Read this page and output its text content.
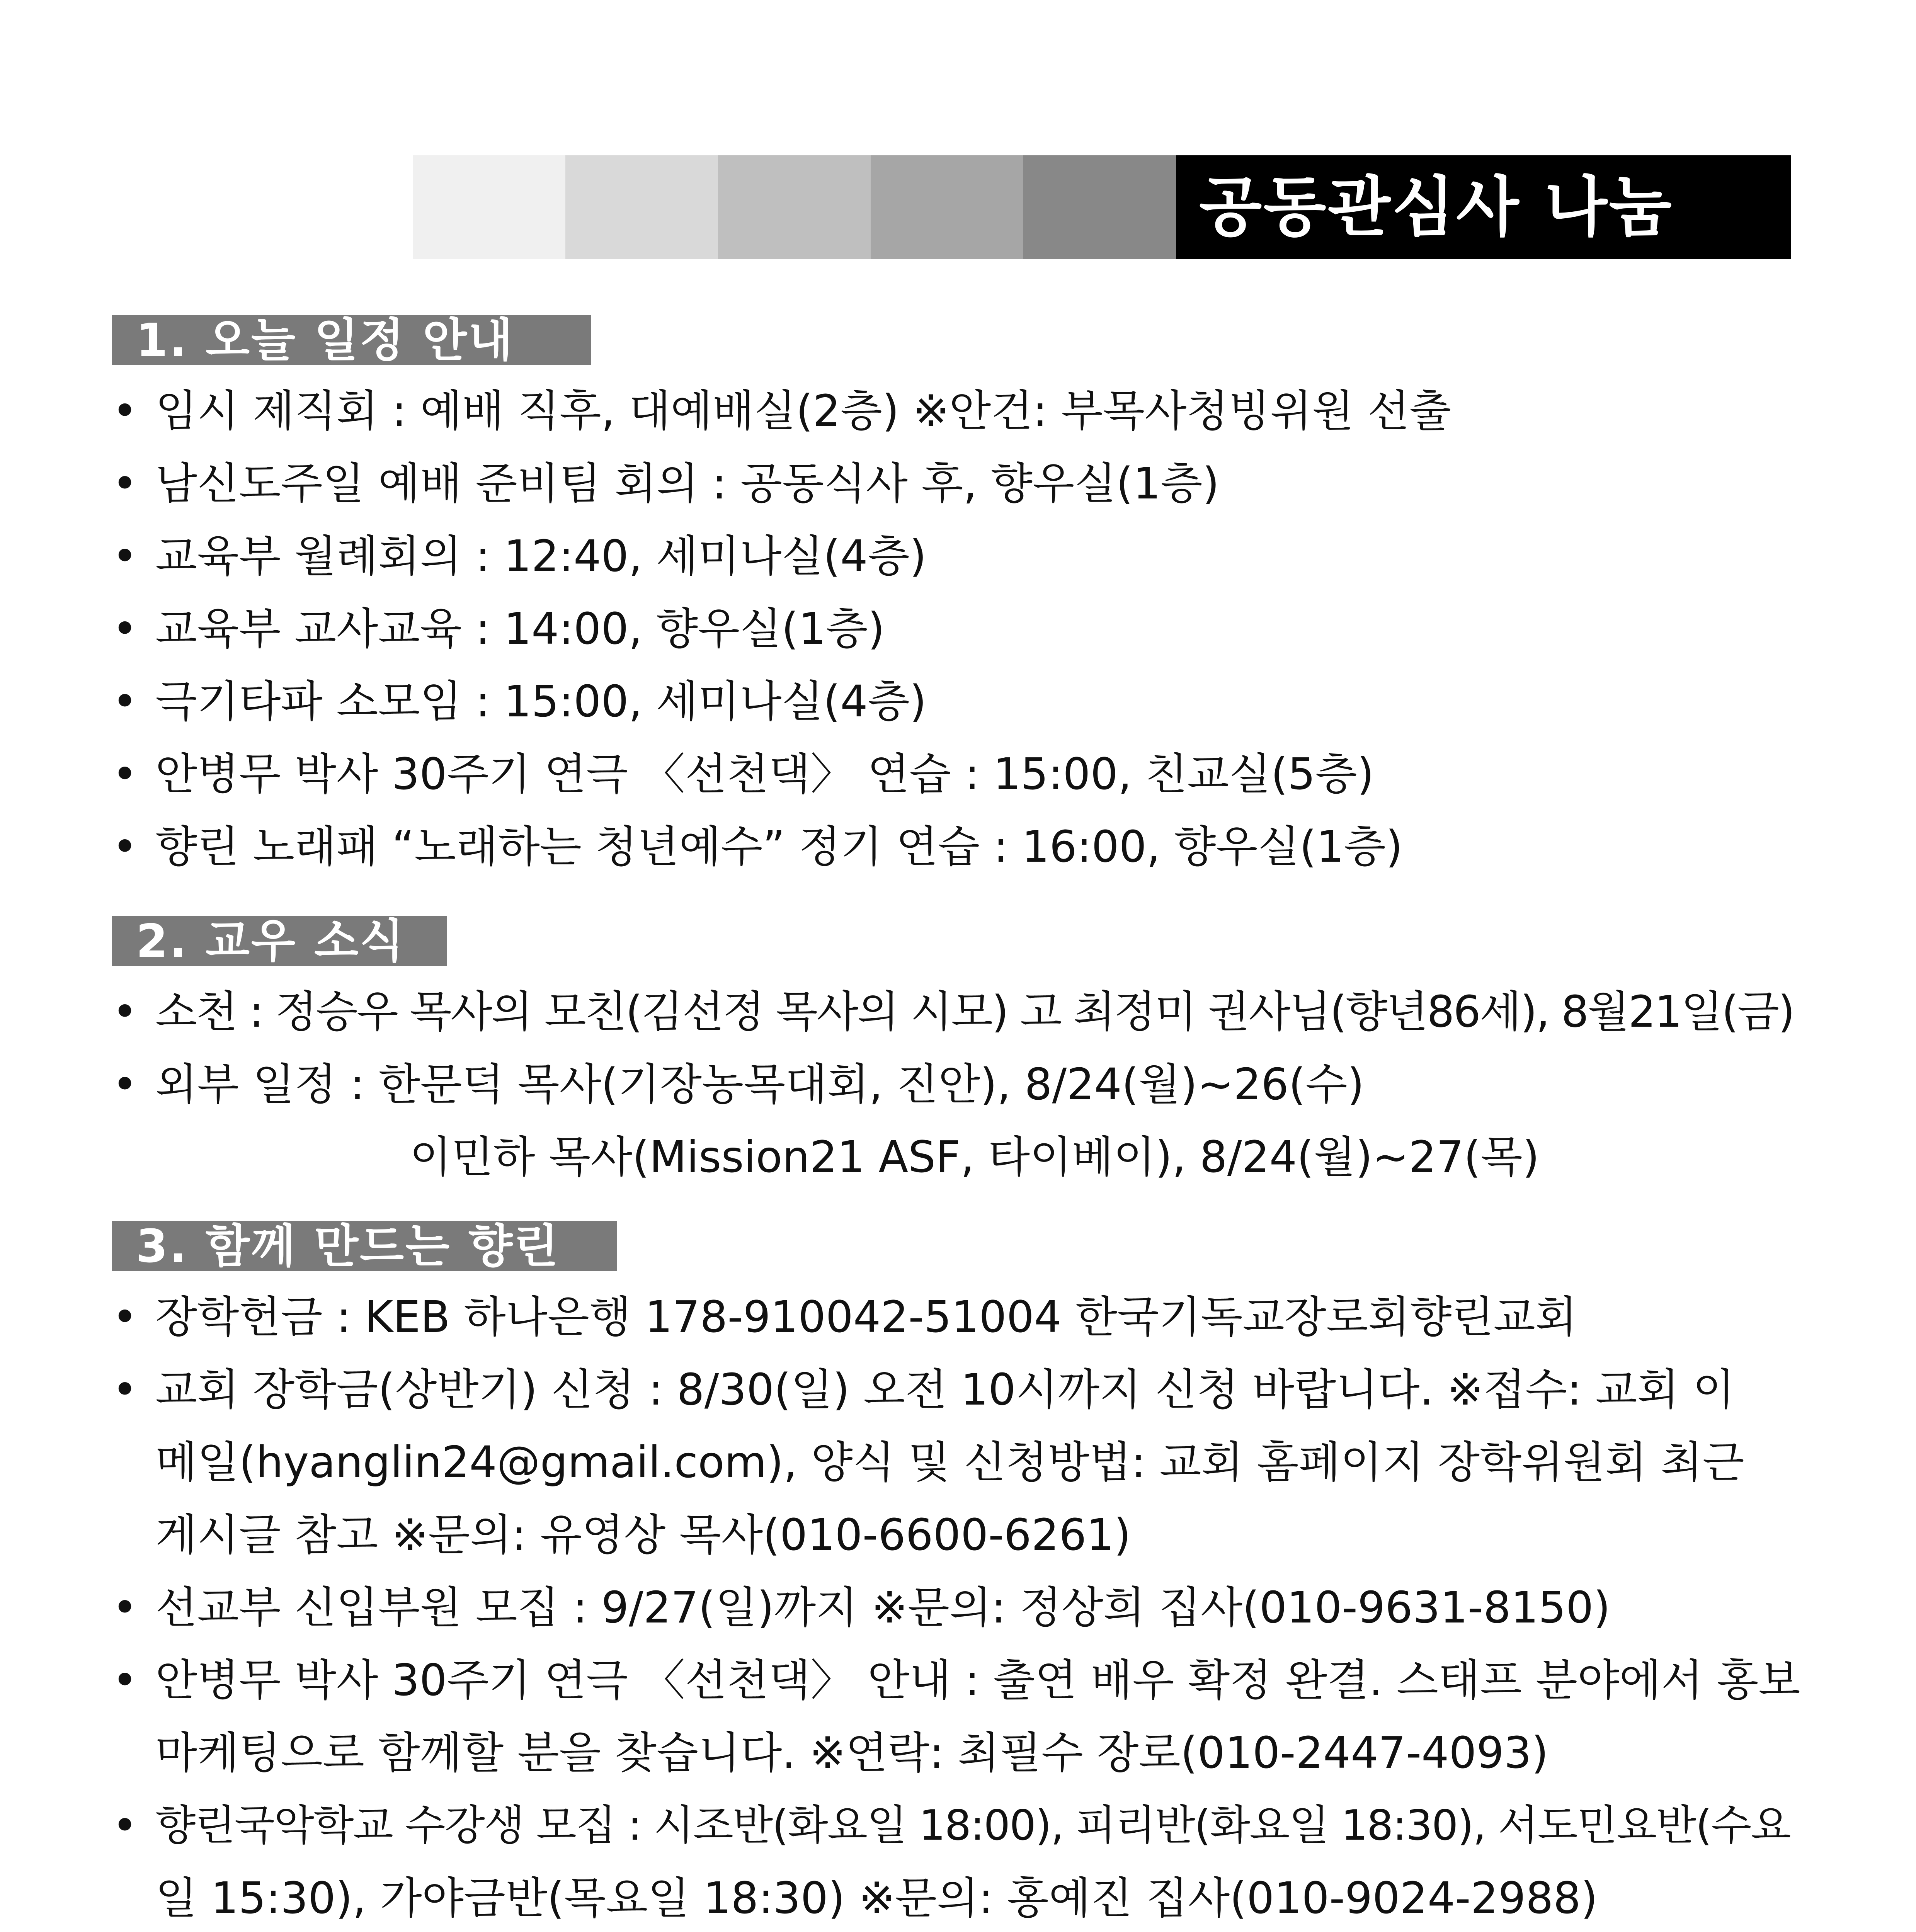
공동관심사 나눔
1. 오늘 일정 안내
• 임시 제직회 : 예배 직후, 대예배실(2층) ※안건: 부목사청빙위원 선출
• 남신도주일 예배 준비팀 회의 : 공동식사 후, 향우실(1층)
• 교육부 월례회의 : 12:40, 세미나실(4층)
• 교육부 교사교육 : 14:00, 향우실(1층)
• 극기타파 소모임 : 15:00, 세미나실(4층)
• 안병무 박사 30주기 연극 〈선천댁〉 연습 : 15:00, 친교실(5층)
• 향린 노래패 “노래하는 청년예수” 정기 연습 : 16:00, 향우실(1층)
2. 교우 소식
• 소천 : 정승우 목사의 모친(김선정 목사의 시모) 고 최정미 권사님(향년86세), 8월21일(금)
• 외부 일정 : 한문덕 목사(기장농목대회, 진안), 8/24(월)~26(수)
이민하 목사(Mission21 ASF, 타이베이), 8/24(월)~27(목)
3. 함께 만드는 향린
• 장학헌금 : KEB 하나은행 178-910042-51004 한국기독교장로회향린교회
• 교회 장학금(상반기) 신청 : 8/30(일) 오전 10시까지 신청 바랍니다. ※접수: 교회 이
메일(hyanglin24@gmail.com), 양식 및 신청방법: 교회 홈페이지 장학위원회 최근
게시글 참고 ※문의: 유영상 목사(010-6600-6261)
• 선교부 신입부원 모집 : 9/27(일)까지 ※문의: 정상희 집사(010-9631-8150)
• 안병무 박사 30주기 연극 〈선천댁〉 안내 : 출연 배우 확정 완결. 스태프 분야에서 홍보
마케팅으로 함께할 분을 찾습니다. ※연락: 최필수 장로(010-2447-4093)
• 향린국악학교 수강생 모집 : 시조반(화요일 18:00), 피리반(화요일 18:30), 서도민요반(수요
일 15:30), 가야금반(목요일 18:30) ※문의: 홍예진 집사(010-9024-2988)
